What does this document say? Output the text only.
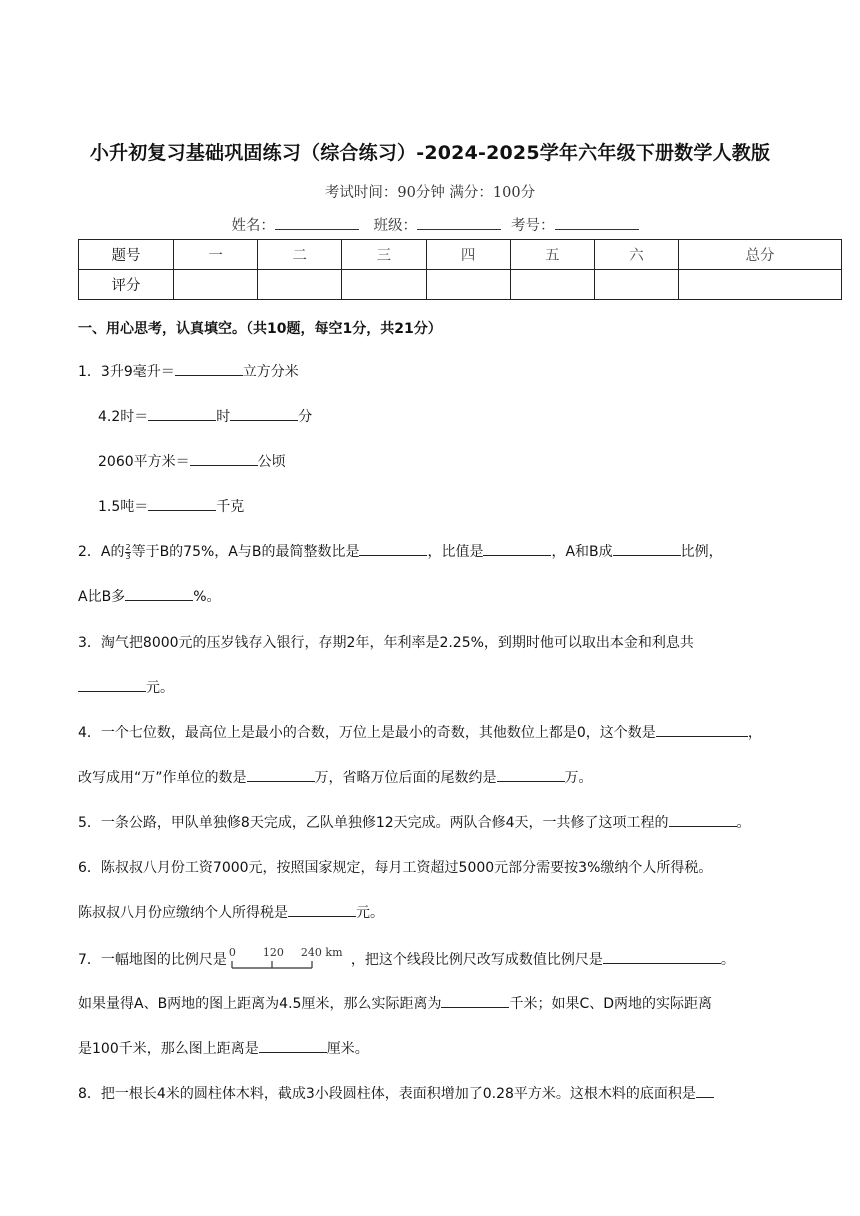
小升初复习基础巩固练习（综合练习）-2024-2025学年六年级下册数学人教版
考试时间：90分钟 满分：100分
姓名：	班级：	考号：
题号	一	二	三	四	五	六	总分
评分							
一、用心思考，认真填空。（共10题，每空1分，共21分）
1．3升9毫升＝	立方分米
4.2时＝	时	分
2060平方米＝	公顷
1.5吨＝	千克
2．A的 $\frac{2}{3}$ 等于B的75%，A与B的最简整数比是	，比值是	，A和B成	比例，
A比B多	%。
3．淘气把8000元的压岁钱存入银行，存期2年，年利率是2.25%，到期时他可以取出本金和利息共
元。
4．一个七位数，最高位上是最小的合数，万位上是最小的奇数，其他数位上都是0，这个数是	，
改写成用“万”作单位的数是	万，省略万位后面的尾数约是	万。
5．一条公路，甲队单独修8天完成，乙队单独修12天完成。两队合修4天，一共修了这项工程的	。
6．陈叔叔八月份工资7000元，按照国家规定，每月工资超过5000元部分需要按3%缴纳个人所得税。
陈叔叔八月份应缴纳个人所得税是	元。
7．一幅地图的比例尺是 0 120 240 km ，把这个线段比例尺改写成数值比例尺是	。
如果量得A、B两地的图上距离为4.5厘米，那么实际距离为	千米；如果C、D两地的实际距离
是100千米，那么图上距离是	厘米。
8．把一根长4米的圆柱体木料，截成3小段圆柱体，表面积增加了0.28平方米。这根木料的底面积是
